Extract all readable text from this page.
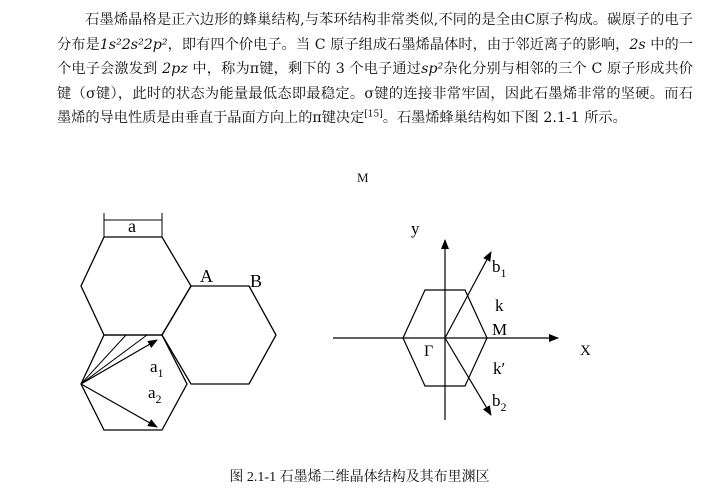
石墨烯晶格是正六边形的蜂巢结构,与苯环结构非常类似,不同的是全由C原子构成。碳原子的电子分布是1s²2s²2p²，即有四个价电子。当 C 原子组成石墨烯晶体时，由于邻近离子的影响，2s 中的一个电子会激发到 2pz 中，称为π键，剩下的 3 个电子通过sp²杂化分别与相邻的三个 C 原子形成共价键（σ键），此时的状态为能量最低态即最稳定。σ键的连接非常牢固，因此石墨烯非常的坚硬。而石墨烯的导电性质是由垂直于晶面方向上的π键决定[15]。石墨烯蜂巢结构如下图 2.1-1 所示。

M
a
A B
$a_1$
$a_2$
y
X
$b_1$
$b_2$
k
M
k′
Γ
图 2.1-1 石墨烯二维晶体结构及其布里渊区
